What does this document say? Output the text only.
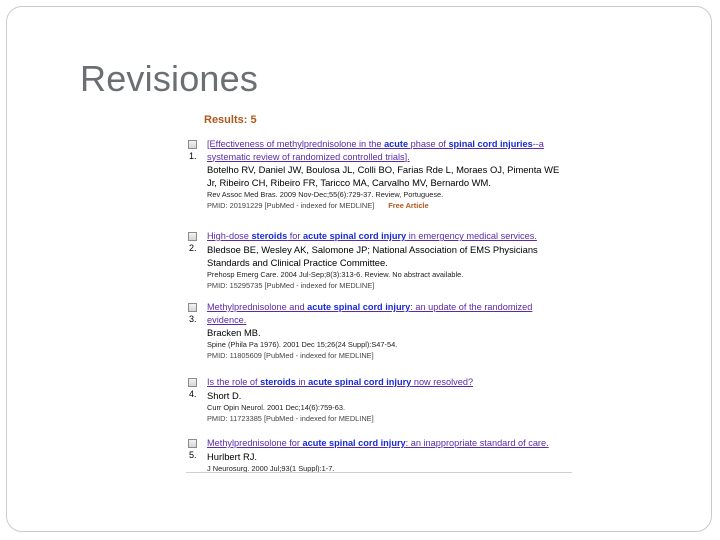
Revisiones
Results: 5
1.
[Effectiveness of methylprednisolone in the acute phase of spinal cord injuries--a systematic review of randomized controlled trials].
Botelho RV, Daniel JW, Boulosa JL, Colli BO, Farias Rde L, Moraes OJ, Pimenta WE Jr, Ribeiro CH, Ribeiro FR, Taricco MA, Carvalho MV, Bernardo WM.
Rev Assoc Med Bras. 2009 Nov-Dec;55(6):729-37. Review, Portuguese.
PMID: 20191229 [PubMed - indexed for MEDLINE] Free Article
2.
High-dose steroids for acute spinal cord injury in emergency medical services.
Bledsoe BE, Wesley AK, Salomone JP; National Association of EMS Physicians Standards and Clinical Practice Committee.
Prehosp Emerg Care. 2004 Jul-Sep;8(3):313-6. Review. No abstract available.
PMID: 15295735 [PubMed - indexed for MEDLINE]
3.
Methylprednisolone and acute spinal cord injury: an update of the randomized evidence.
Bracken MB.
Spine (Phila Pa 1976). 2001 Dec 15;26(24 Suppl):S47-54.
PMID: 11805609 [PubMed - indexed for MEDLINE]
4.
Is the role of steroids in acute spinal cord injury now resolved?
Short D.
Curr Opin Neurol. 2001 Dec;14(6):759-63.
PMID: 11723385 [PubMed - indexed for MEDLINE]
5.
Methylprednisolone for acute spinal cord injury: an inappropriate standard of care.
Hurlbert RJ.
J Neurosurg. 2000 Jul;93(1 Suppl):1-7.
